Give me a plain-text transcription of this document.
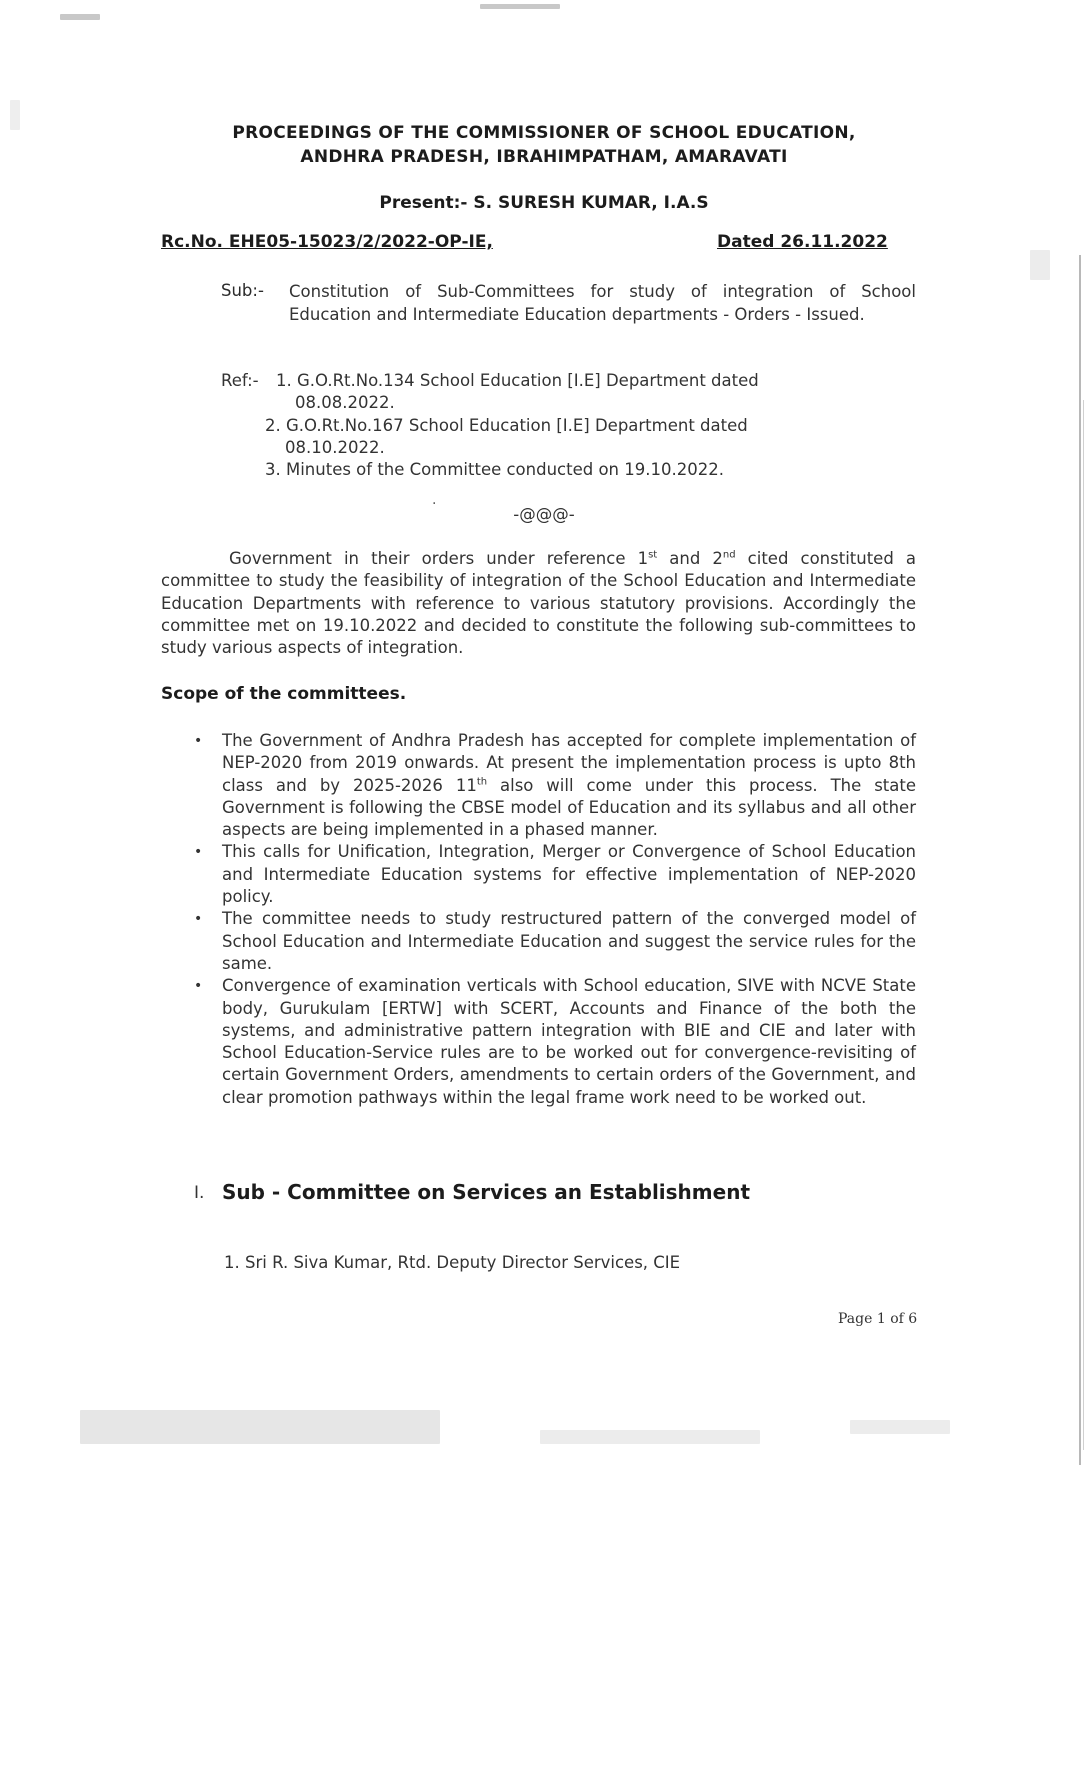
PROCEEDINGS OF THE COMMISSIONER OF SCHOOL EDUCATION,
ANDHRA PRADESH, IBRAHIMPATHAM, AMARAVATI
Present:- S. SURESH KUMAR, I.A.S
Rc.No. EHE05-15023/2/2022-OP-IE,	Dated 26.11.2022
Sub:- Constitution of Sub-Committees for study of integration of School Education and Intermediate Education departments - Orders - Issued.
Ref:- 1. G.O.Rt.No.134 School Education [I.E] Department dated
08.08.2022.
2. G.O.Rt.No.167 School Education [I.E] Department dated
08.10.2022.
3. Minutes of the Committee conducted on 19.10.2022.
·
-@@@-
Government in their orders under reference 1st and 2nd cited constituted a committee to study the feasibility of integration of the School Education and Intermediate Education Departments with reference to various statutory provisions. Accordingly the committee met on 19.10.2022 and decided to constitute the following sub-committees to study various aspects of integration.
Scope of the committees.
• The Government of Andhra Pradesh has accepted for complete implementation of NEP-2020 from 2019 onwards. At present the implementation process is upto 8th class and by 2025-2026 11th also will come under this process. The state Government is following the CBSE model of Education and its syllabus and all other aspects are being implemented in a phased manner.
• This calls for Unification, Integration, Merger or Convergence of School Education and Intermediate Education systems for effective implementation of NEP-2020 policy.
• The committee needs to study restructured pattern of the converged model of School Education and Intermediate Education and suggest the service rules for the same.
• Convergence of examination verticals with School education, SIVE with NCVE State body, Gurukulam [ERTW] with SCERT, Accounts and Finance of the both the systems, and administrative pattern integration with BIE and CIE and later with School Education-Service rules are to be worked out for convergence-revisiting of certain Government Orders, amendments to certain orders of the Government, and clear promotion pathways within the legal frame work need to be worked out.
I. Sub - Committee on Services an Establishment
1. Sri R. Siva Kumar, Rtd. Deputy Director Services, CIE
Page 1 of 6
